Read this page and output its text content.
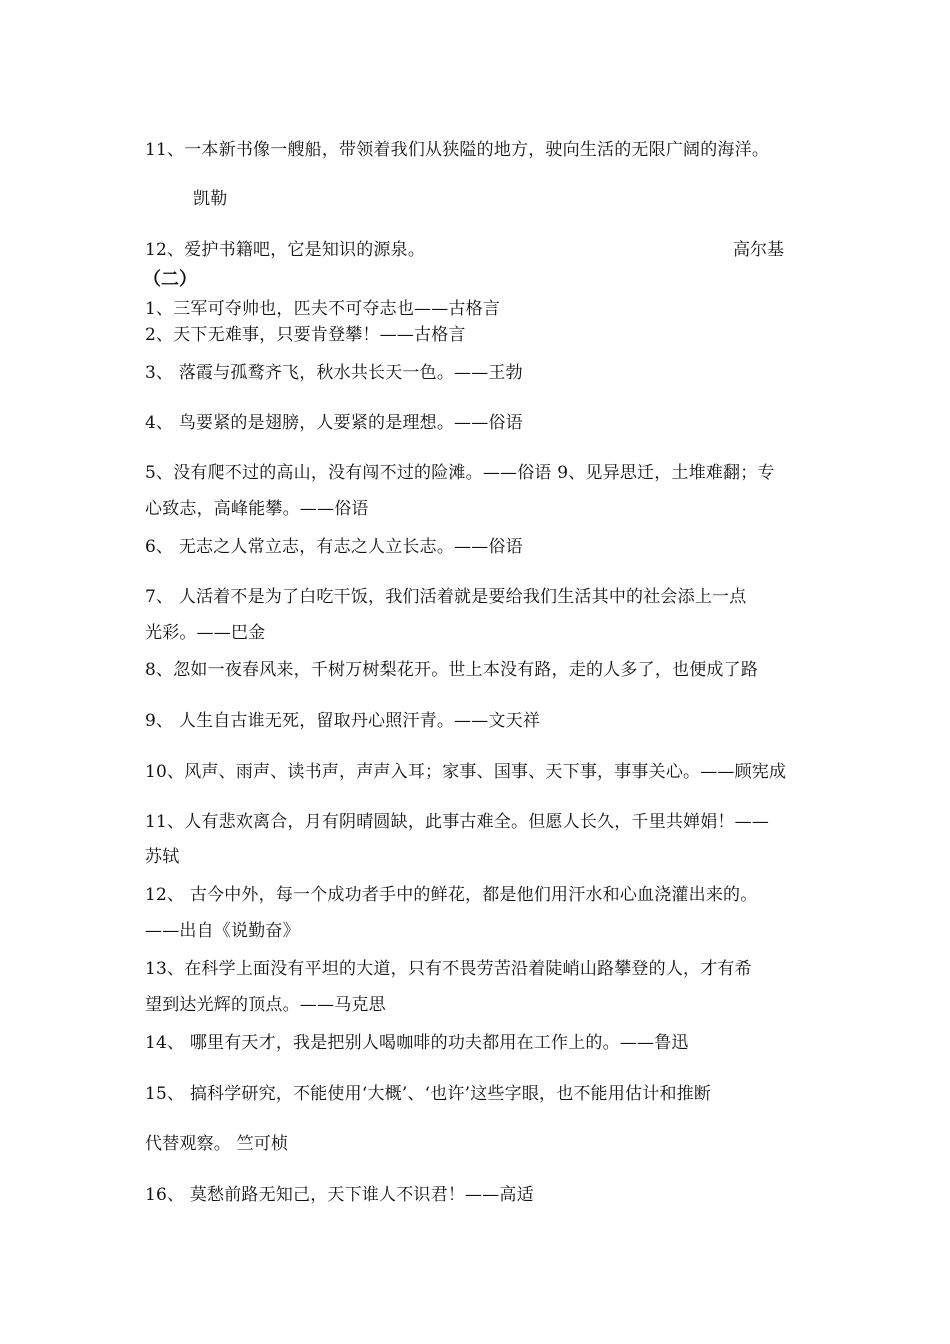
11、一本新书像一艘船，带领着我们从狭隘的地方，驶向生活的无限广阔的海洋。
凯勒
12、爱护书籍吧，它是知识的源泉。	高尔基
（二）
1、三军可夺帅也，匹夫不可夺志也——古格言
2、天下无难事，只要肯登攀！——古格言
3、 落霞与孤鹜齐飞，秋水共长天一色。——王勃
4、 鸟要紧的是翅膀，人要紧的是理想。——俗语
5、没有爬不过的高山，没有闯不过的险滩。——俗语 9、见异思迁，土堆难翻；专
心致志，高峰能攀。——俗语
6、 无志之人常立志，有志之人立长志。——俗语
7、 人活着不是为了白吃干饭，我们活着就是要给我们生活其中的社会添上一点
光彩。——巴金
8、忽如一夜春风来，千树万树梨花开。世上本没有路，走的人多了，也便成了路
9、 人生自古谁无死，留取丹心照汗青。——文天祥
10、风声、雨声、读书声，声声入耳；家事、国事、天下事，事事关心。——顾宪成
11、人有悲欢离合，月有阴晴圆缺，此事古难全。但愿人长久，千里共婵娟！——
苏轼
12、 古今中外，每一个成功者手中的鲜花，都是他们用汗水和心血浇灌出来的。
——出自《说勤奋》
13、在科学上面没有平坦的大道，只有不畏劳苦沿着陡峭山路攀登的人，才有希
望到达光辉的顶点。——马克思
14、 哪里有天才，我是把别人喝咖啡的功夫都用在工作上的。——鲁迅
15、 搞科学研究，不能使用‘大概’、‘也许’这些字眼，也不能用估计和推断
代替观察。 竺可桢
16、 莫愁前路无知己，天下谁人不识君！——高适
